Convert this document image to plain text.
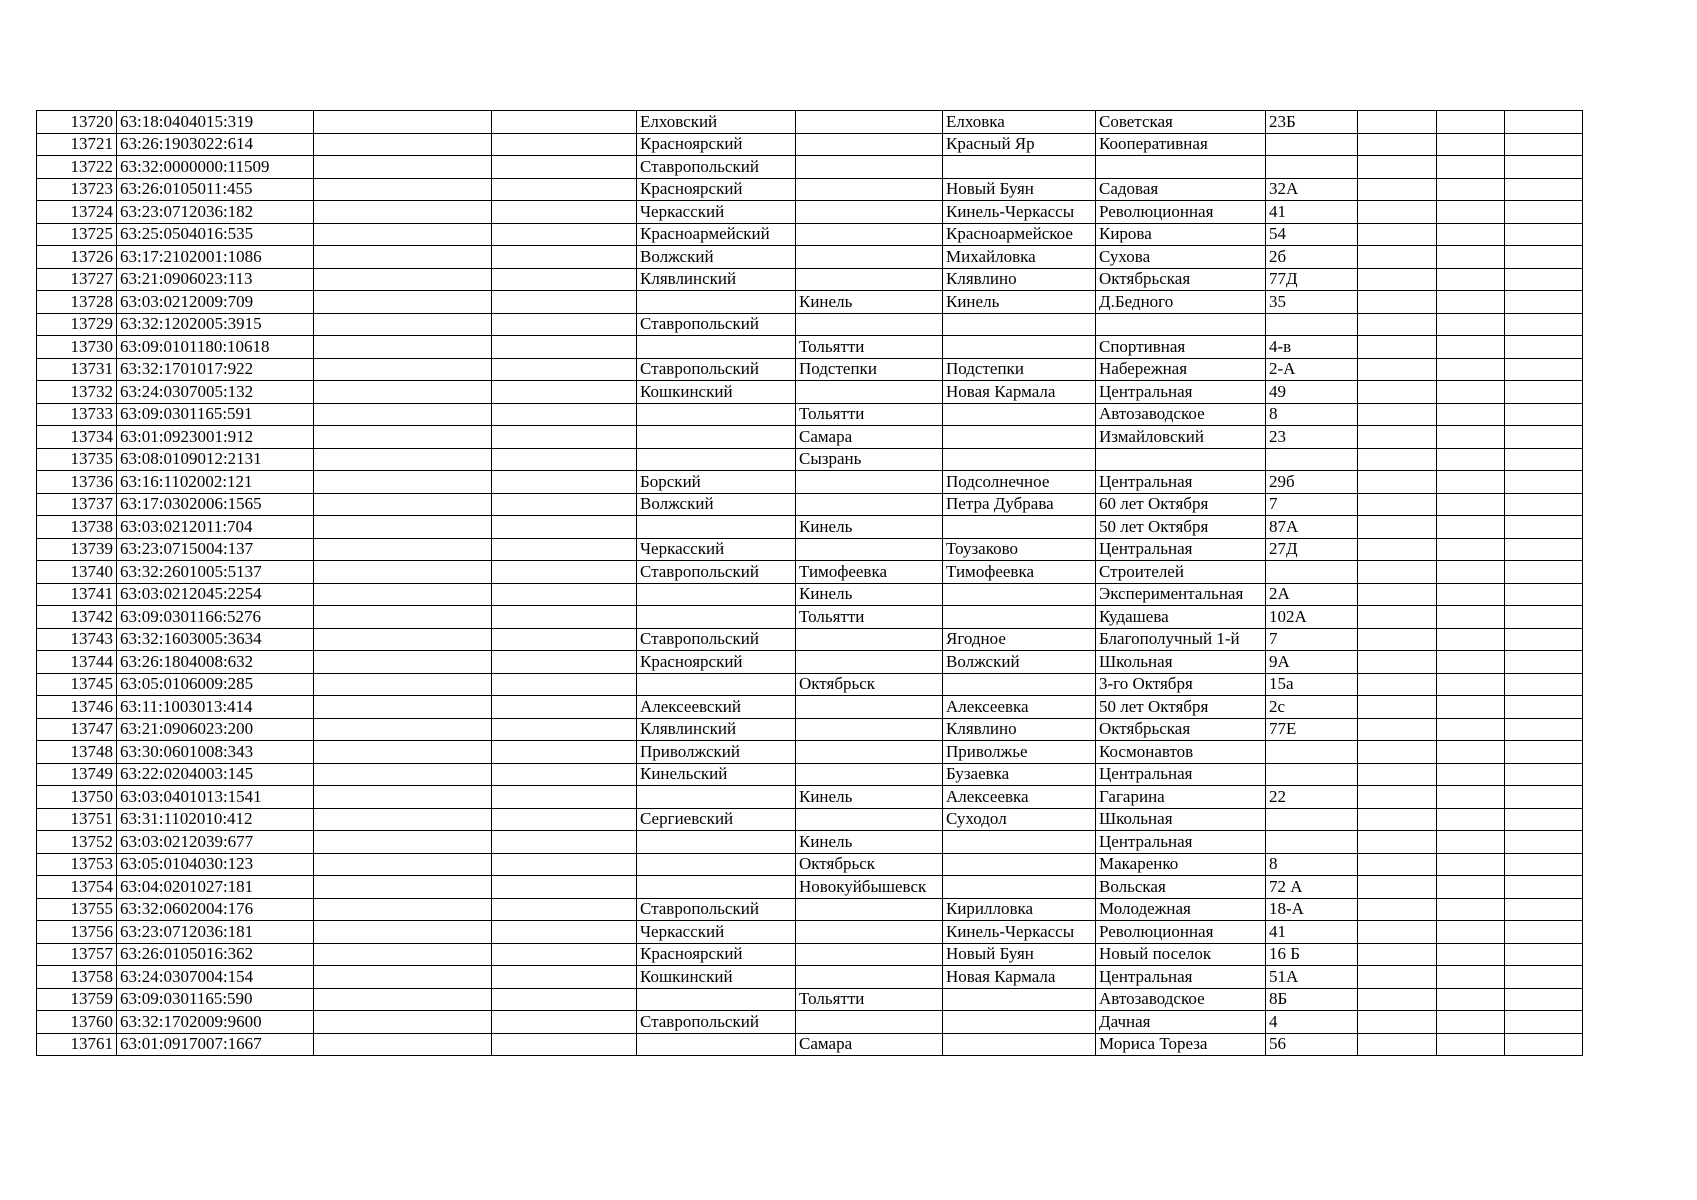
13720	63:18:0404015:319			Елховский		Елховка	Советская	23Б			
13721	63:26:1903022:614			Красноярский		Красный Яр	Кооперативная				
13722	63:32:0000000:11509			Ставропольский							
13723	63:26:0105011:455			Красноярский		Новый Буян	Садовая	32А			
13724	63:23:0712036:182			Черкасский		Кинель-Черкассы	Революционная	41			
13725	63:25:0504016:535			Красноармейский		Красноармейское	Кирова	54			
13726	63:17:2102001:1086			Волжский		Михайловка	Сухова	2б			
13727	63:21:0906023:113			Клявлинский		Клявлино	Октябрьская	77Д			
13728	63:03:0212009:709				Кинель	Кинель	Д.Бедного	35			
13729	63:32:1202005:3915			Ставропольский							
13730	63:09:0101180:10618				Тольятти		Спортивная	4-в			
13731	63:32:1701017:922			Ставропольский	Подстепки	Подстепки	Набережная	2-А			
13732	63:24:0307005:132			Кошкинский		Новая Кармала	Центральная	49			
13733	63:09:0301165:591				Тольятти		Автозаводское	8			
13734	63:01:0923001:912				Самара		Измайловский	23			
13735	63:08:0109012:2131				Сызрань						
13736	63:16:1102002:121			Борский		Подсолнечное	Центральная	29б			
13737	63:17:0302006:1565			Волжский		Петра Дубрава	60 лет Октября	7			
13738	63:03:0212011:704				Кинель		50 лет Октября	87А			
13739	63:23:0715004:137			Черкасский		Тоузаково	Центральная	27Д			
13740	63:32:2601005:5137			Ставропольский	Тимофеевка	Тимофеевка	Строителей				
13741	63:03:0212045:2254				Кинель		Экспериментальная	2А			
13742	63:09:0301166:5276				Тольятти		Кудашева	102А			
13743	63:32:1603005:3634			Ставропольский		Ягодное	Благополучный 1-й	7			
13744	63:26:1804008:632			Красноярский		Волжский	Школьная	9А			
13745	63:05:0106009:285				Октябрьск		3-го Октября	15а			
13746	63:11:1003013:414			Алексеевский		Алексеевка	50 лет Октября	2с			
13747	63:21:0906023:200			Клявлинский		Клявлино	Октябрьская	77Е			
13748	63:30:0601008:343			Приволжский		Приволжье	Космонавтов				
13749	63:22:0204003:145			Кинельский		Бузаевка	Центральная				
13750	63:03:0401013:1541				Кинель	Алексеевка	Гагарина	22			
13751	63:31:1102010:412			Сергиевский		Суходол	Школьная				
13752	63:03:0212039:677				Кинель		Центральная				
13753	63:05:0104030:123				Октябрьск		Макаренко	8			
13754	63:04:0201027:181				Новокуйбышевск		Вольская	72 А			
13755	63:32:0602004:176			Ставропольский		Кирилловка	Молодежная	18-А			
13756	63:23:0712036:181			Черкасский		Кинель-Черкассы	Революционная	41			
13757	63:26:0105016:362			Красноярский		Новый Буян	Новый поселок	16 Б			
13758	63:24:0307004:154			Кошкинский		Новая Кармала	Центральная	51А			
13759	63:09:0301165:590				Тольятти		Автозаводское	8Б			
13760	63:32:1702009:9600			Ставропольский			Дачная	4			
13761	63:01:0917007:1667				Самара		Мориса Тореза	56			
